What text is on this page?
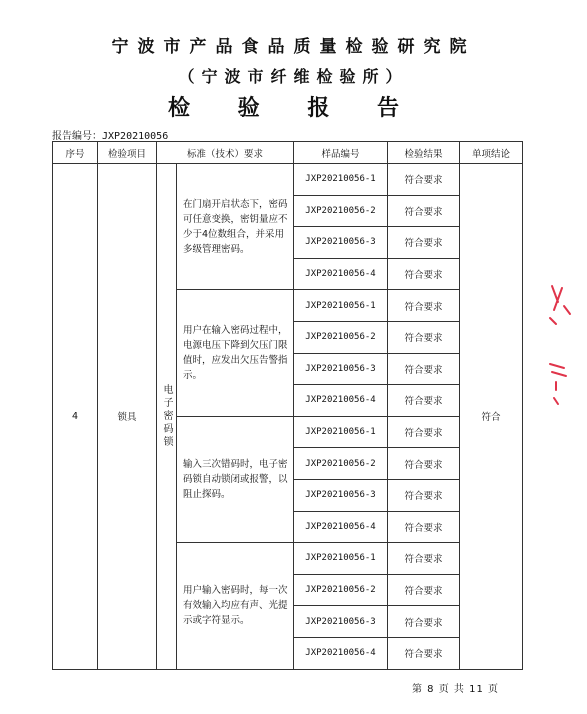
宁波市产品食品质量检验研究院
（宁波市纤维检验所）
检 验 报 告
报告编号：JXP20210056
序号	检验项目	标准（技术）要求		样品编号	检验结果	单项结论
4	锁具	电子密码锁	在门扇开启状态下，密码可任意变换，密钥量应不少于4位数组合，并采用多级管理密码。	JXP20210056-1	符合要求	符合
				JXP20210056-2	符合要求	
				JXP20210056-3	符合要求	
				JXP20210056-4	符合要求	
			用户在输入密码过程中，电源电压下降到欠压门限值时，应发出欠压告警指示。	JXP20210056-1	符合要求	
				JXP20210056-2	符合要求	
				JXP20210056-3	符合要求	
				JXP20210056-4	符合要求	
			输入三次错码时，电子密码锁自动锁闭或报警，以阻止探码。	JXP20210056-1	符合要求	
				JXP20210056-2	符合要求	
				JXP20210056-3	符合要求	
				JXP20210056-4	符合要求	
			用户输入密码时，每一次有效输入均应有声、光提示或字符显示。	JXP20210056-1	符合要求	
				JXP20210056-2	符合要求	
				JXP20210056-3	符合要求	
				JXP20210056-4	符合要求	
第 8 页 共 11 页
